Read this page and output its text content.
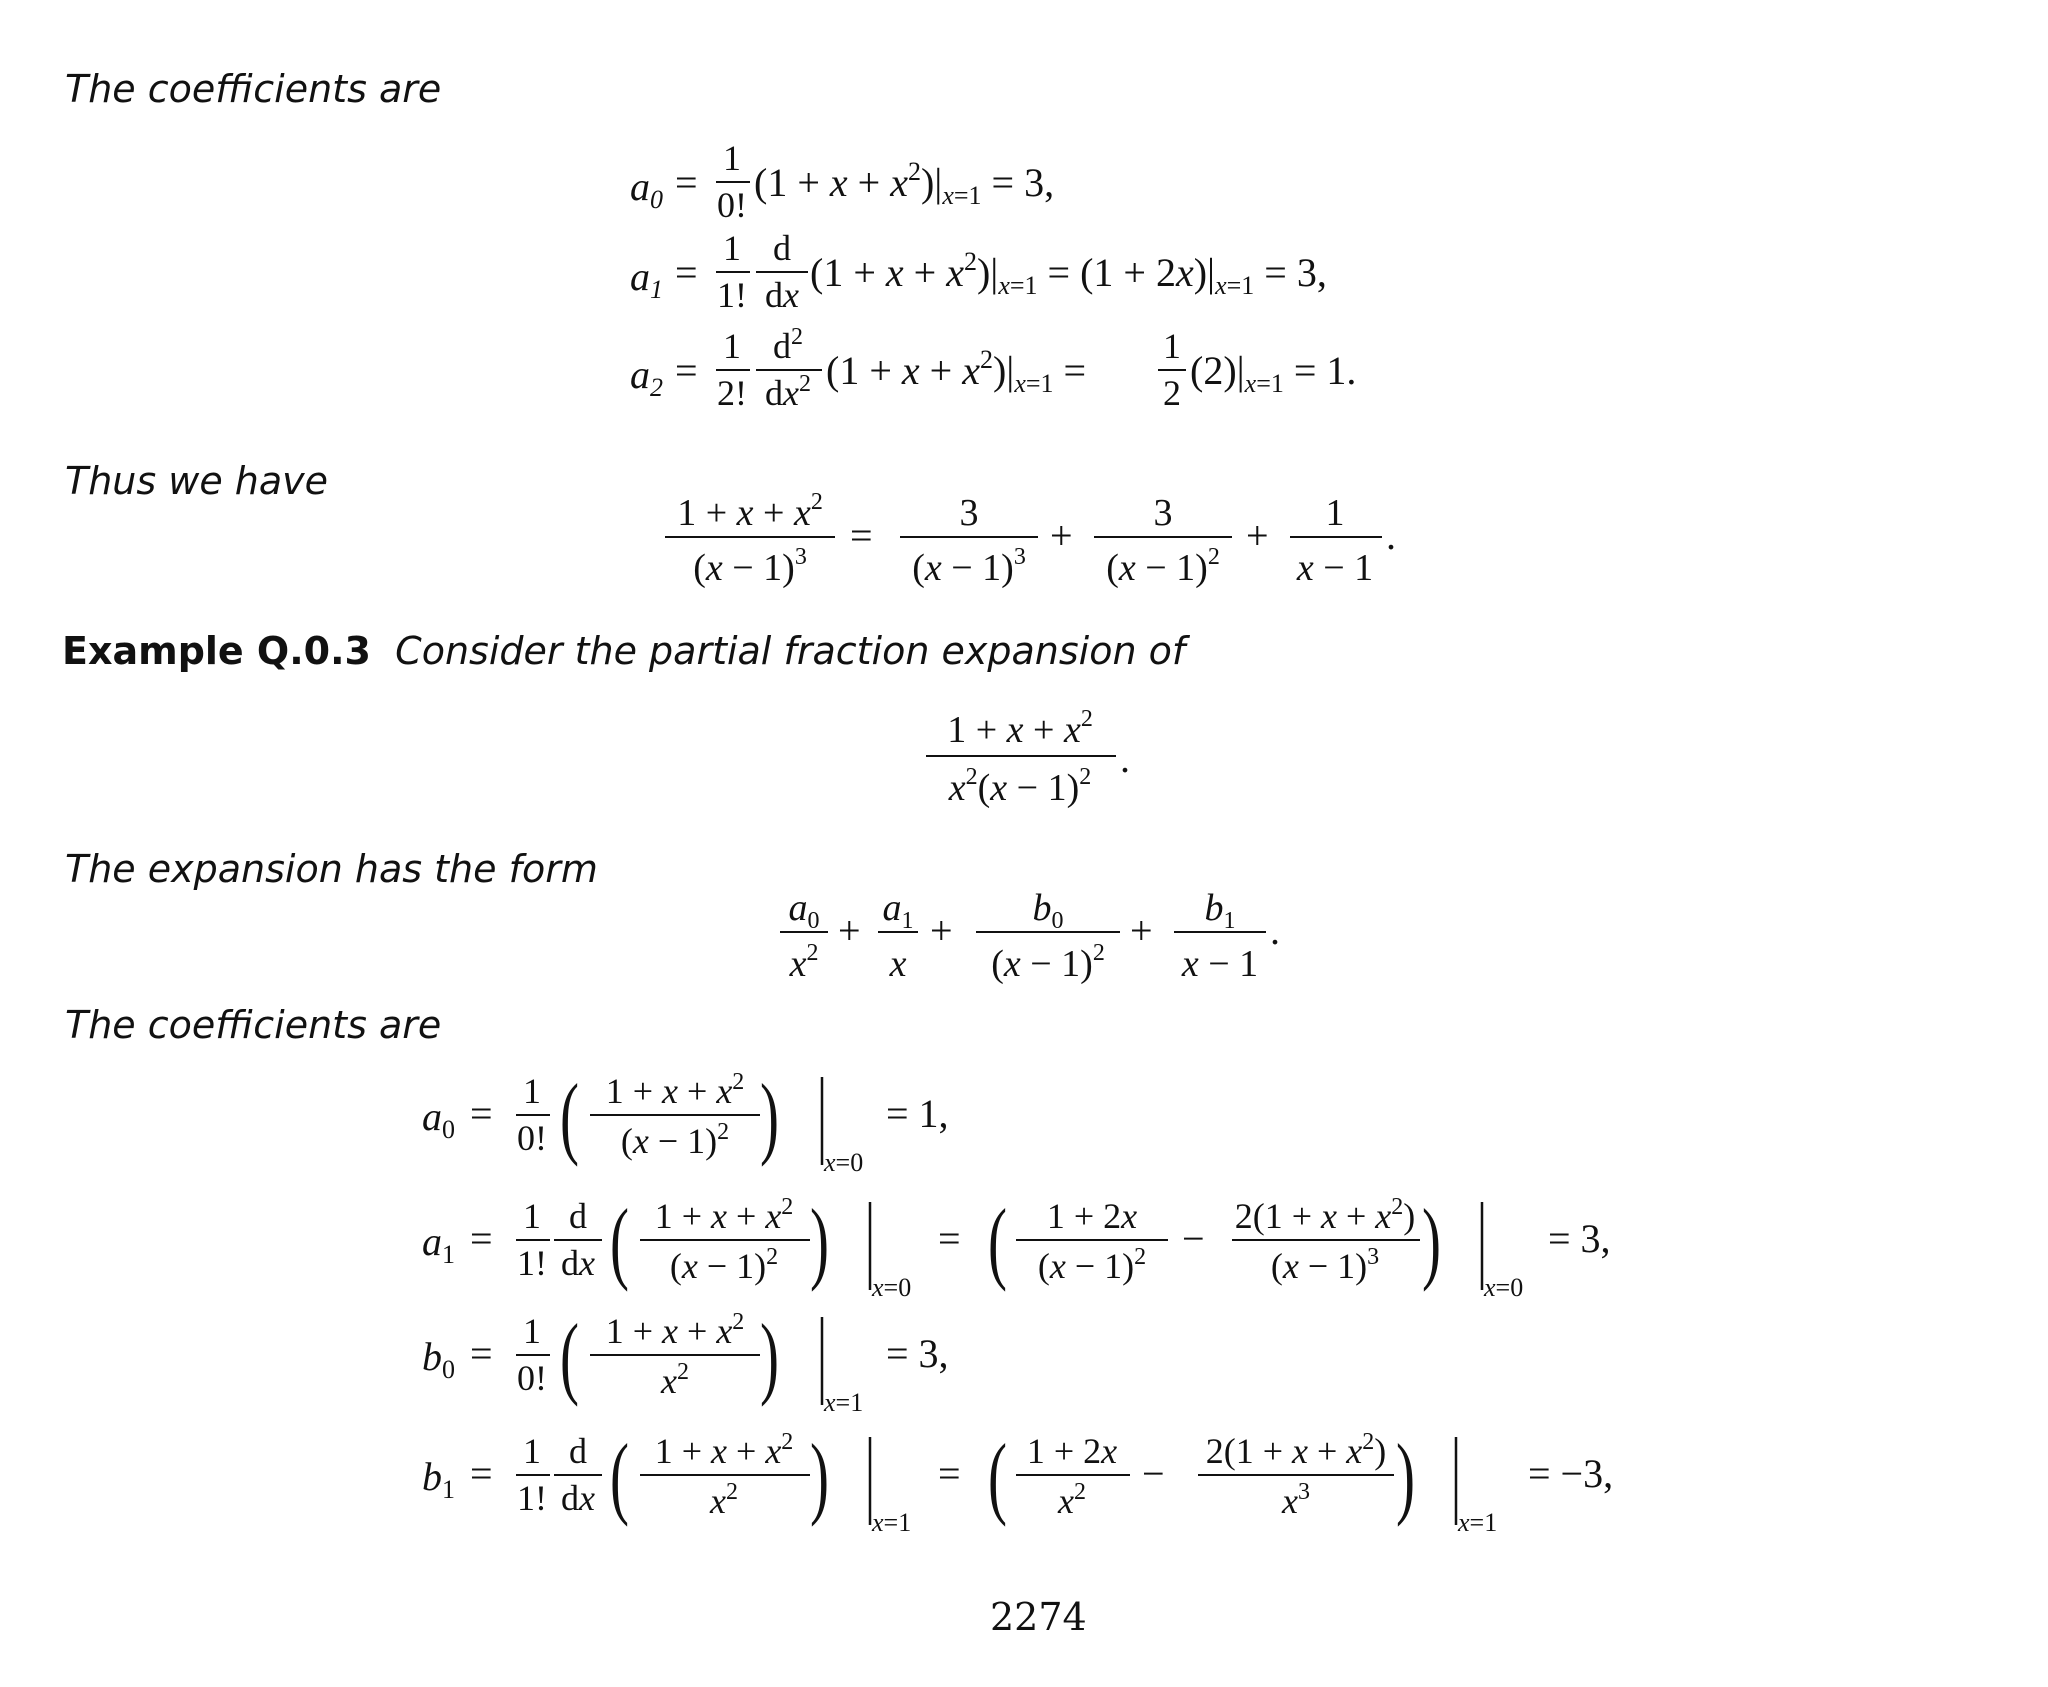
The coefficients are
$a_0$ =
1
0! $(1 + x + x^2)|_x=1 = 3$,
$a_1$ =
1
1!
d
dx $(1 + x + x^2)|_x=1 = (1 + 2x)|_x=1 = 3$,
$a_2$ =
1
2!
$d^2$
$dx^2$ $(1 + x + x^2)|_x=1$ =
1
2 $(2)|_x=1 = 1$.
Thus we have
$1 + x + x^2$
$(x - 1)^3 = 3$
$(x - 1)^3 + 3$
$(x - 1)^2 + 1$
x − 1
.
Example Q.0.3 Consider the partial fraction expansion of
$1 + x + x^2$
$x^2(x - 1)^2$ .
The expansion has the form
$a_0$
$x^2 + a_1$
x
+ $b_0$
$(x - 1)^2 + b_1$
x − 1
.
The coefficients are
$a_0 = 1$
0! ( $1 + x + x^2$
$(x - 1)^2$ ) x=0
= 1,
$a_1 = 1$
1!
d
dx ( $1 + x + x^2$
$(x - 1)^2$ ) x=0
= ( 1 + 2x
$(x - 1)^2 - 2(1 + x + x^2)$
$(x - 1)^3$ ) x=0
= 3,
$b_0 = 1$
0! ( $1 + x + x^2$
$x^2$ ) x=1
= 3,
$b_1 = 1$
1!
d
dx ( $1 + x + x^2$
$x^2$ ) x=1
= ( 1 + 2x
$x^2 - 2(1 + x + x^2)$
$x^3$ ) x=1
= −3,
2274
